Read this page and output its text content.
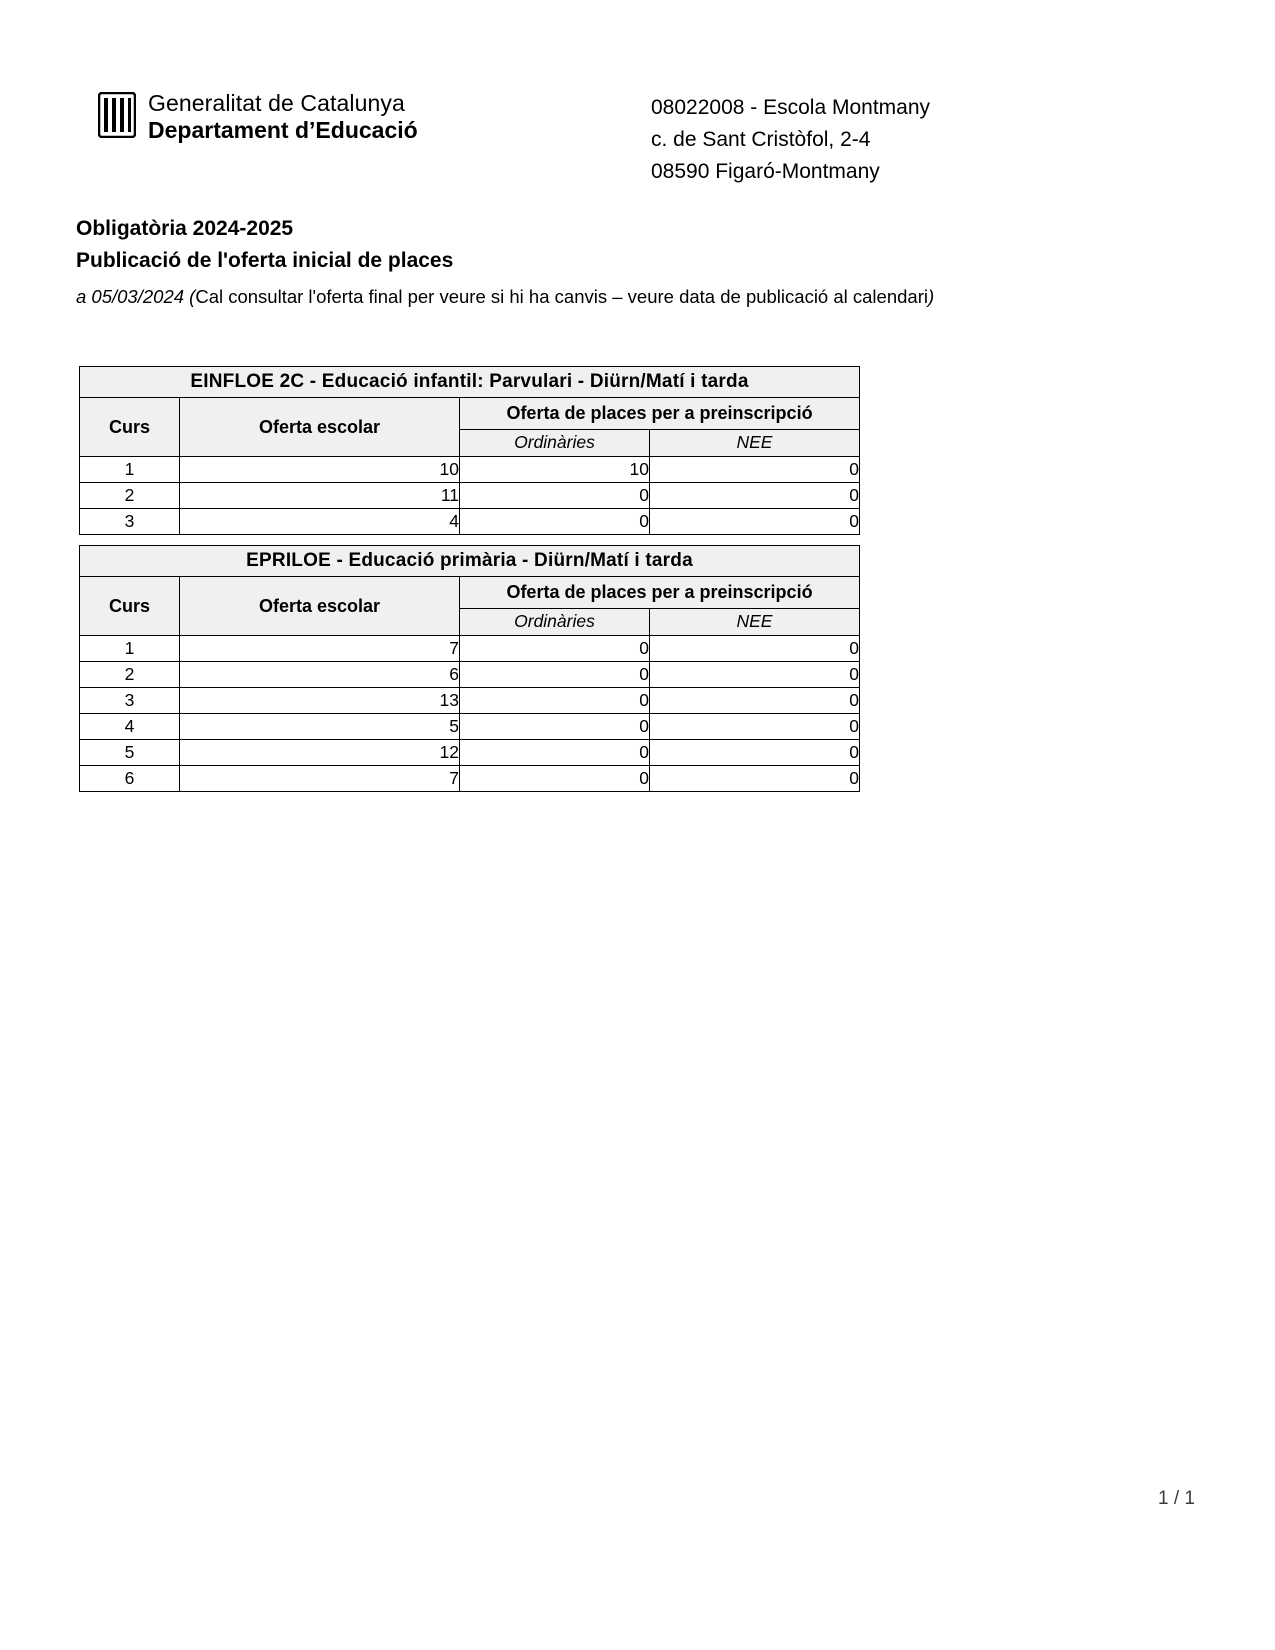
Generalitat de Catalunya
Departament d’Educació
08022008 - Escola Montmany
c. de Sant Cristòfol, 2-4
08590 Figaró-Montmany
Obligatòria 2024-2025
Publicació de l'oferta inicial de places
a 05/03/2024 (Cal consultar l'oferta final per veure si hi ha canvis – veure data de publicació al calendari)
EINFLOE 2C - Educació infantil: Parvulari - Diürn/Matí i tarda			
Curs	Oferta escolar	Oferta de places per a preinscripció	
		Ordinàries	NEE
1	10	10	0
2	11	0	0
3	4	0	0
EPRILOE - Educació primària - Diürn/Matí i tarda			
Curs	Oferta escolar	Oferta de places per a preinscripció	
		Ordinàries	NEE
1	7	0	0
2	6	0	0
3	13	0	0
4	5	0	0
5	12	0	0
6	7	0	0
1 / 1
